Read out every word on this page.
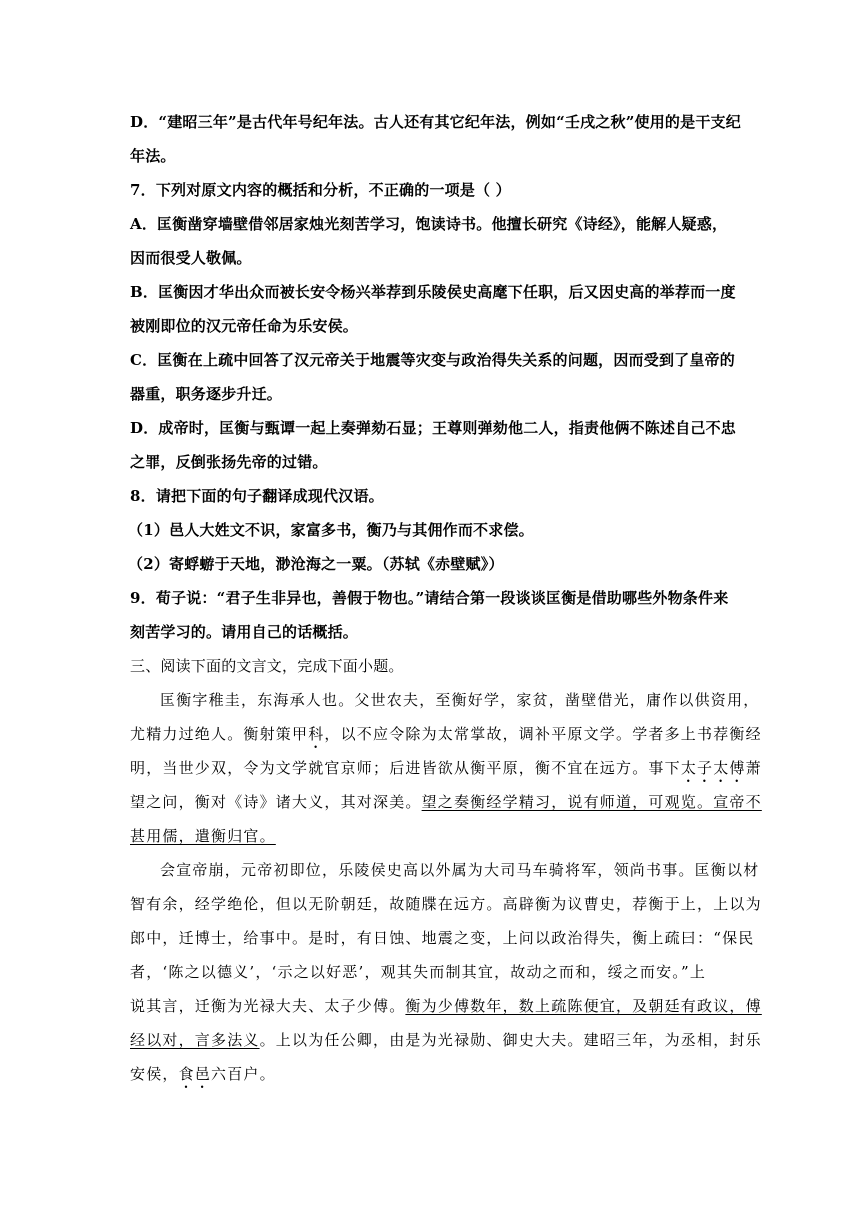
D．“建昭三年”是古代年号纪年法。古人还有其它纪年法，例如“壬戌之秋”使用的是干支纪
年法。
7．下列对原文内容的概括和分析，不正确的一项是（ ）
A．匡衡凿穿墙壁借邻居家烛光刻苦学习，饱读诗书。他擅长研究《诗经》，能解人疑惑，
因而很受人敬佩。
B．匡衡因才华出众而被长安令杨兴举荐到乐陵侯史高麾下任职，后又因史高的举荐而一度
被刚即位的汉元帝任命为乐安侯。
C．匡衡在上疏中回答了汉元帝关于地震等灾变与政治得失关系的问题，因而受到了皇帝的
器重，职务逐步升迁。
D．成帝时，匡衡与甄谭一起上奏弹劾石显；王尊则弹劾他二人，指责他俩不陈述自己不忠
之罪，反倒张扬先帝的过错。
8．请把下面的句子翻译成现代汉语。
（1）邑人大姓文不识，家富多书，衡乃与其佣作而不求偿。
（2）寄蜉蝣于天地，渺沧海之一粟。（苏轼《赤壁赋》）
9．荀子说：“君子生非异也，善假于物也。”请结合第一段谈谈匡衡是借助哪些外物条件来
刻苦学习的。请用自己的话概括。
三、阅读下面的文言文，完成下面小题。
匡衡字稚圭，东海承人也。父世农夫，至衡好学，家贫，凿壁借光，庸作以供资用，
尤精力过绝人。衡射策甲科，以不应令除为太常掌故，调补平原文学。学者多上书荐衡经
明，当世少双，令为文学就官京师；后进皆欲从衡平原，衡不宜在远方。事下太子太傅萧
望之问，衡对《诗》诸大义，其对深美。望之奏衡经学精习，说有师道，可观览。宣帝不
甚用儒，遣衡归官。
会宣帝崩，元帝初即位，乐陵侯史高以外属为大司马车骑将军，领尚书事。匡衡以材
智有余，经学绝伦，但以无阶朝廷，故随牒在远方。高辟衡为议曹史，荐衡于上，上以为
郎中，迁博士，给事中。是时，有日蚀、地震之变，上问以政治得失，衡上疏曰：“保民
者，‘陈之以德义’，‘示之以好恶’，观其失而制其宜，故动之而和，绥之而安。”上
说其言，迁衡为光禄大夫、太子少傅。衡为少傅数年，数上疏陈便宜，及朝廷有政议，傅
经以对，言多法义。上以为任公卿，由是为光禄勋、御史大夫。建昭三年，为丞相，封乐
安侯，食邑六百户。
